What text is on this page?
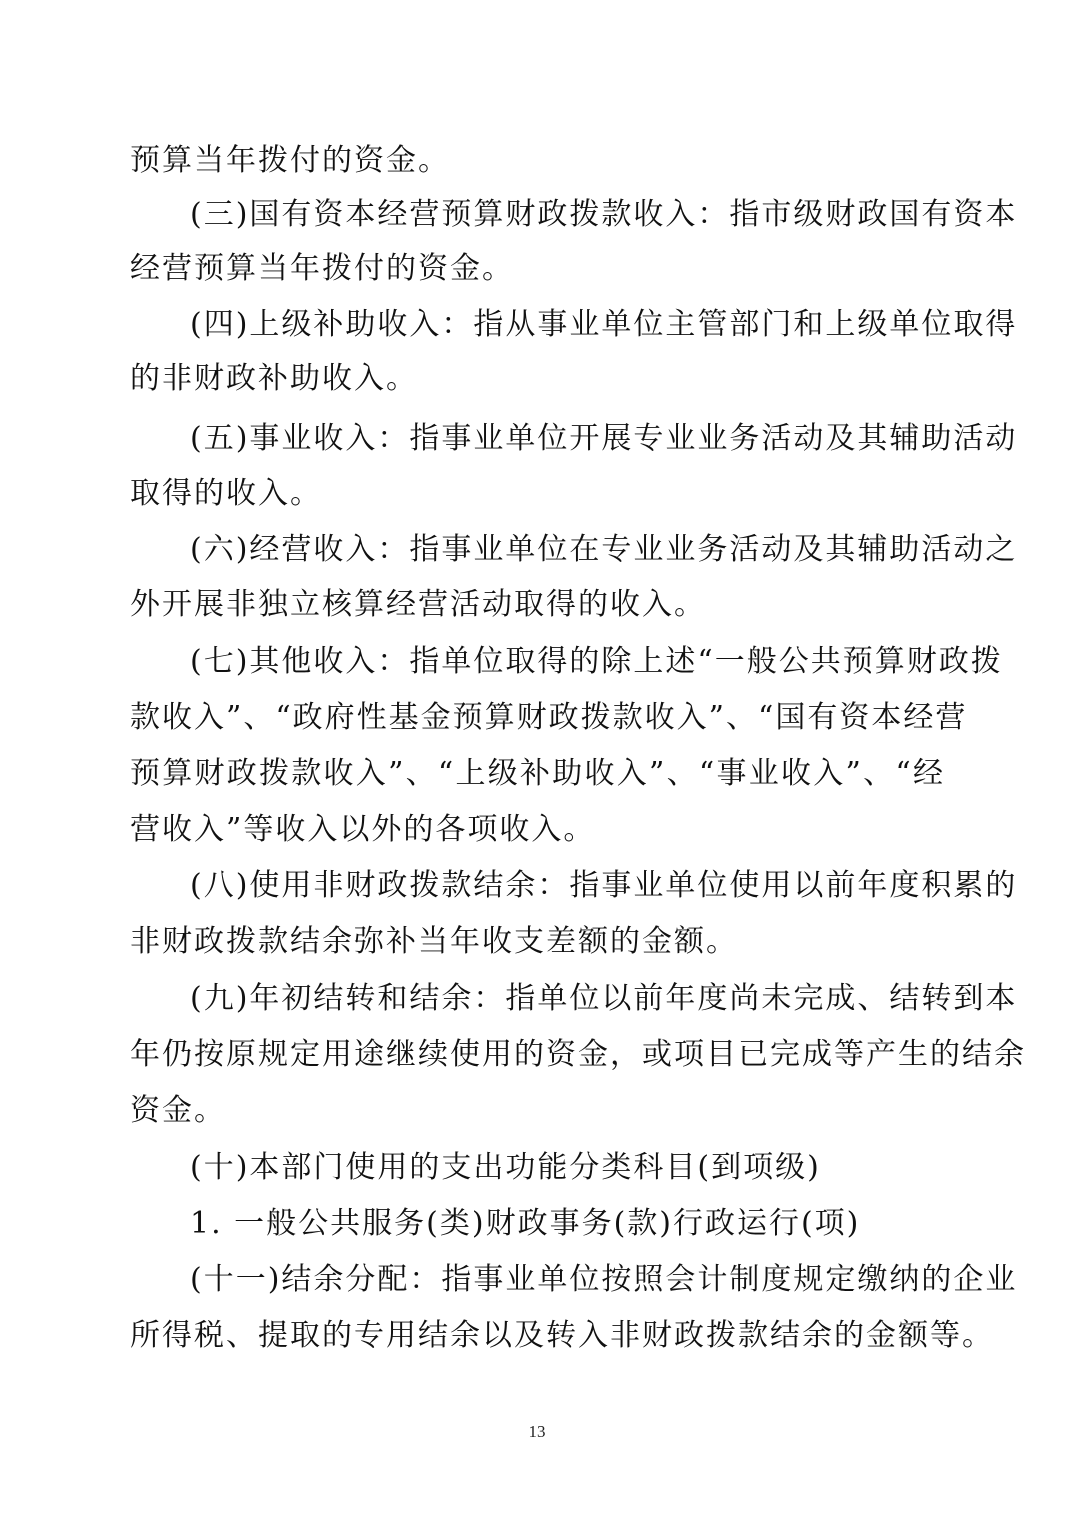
预算当年拨付的资金。
(三)国有资本经营预算财政拨款收入：指市级财政国有资本
经营预算当年拨付的资金。
(四)上级补助收入：指从事业单位主管部门和上级单位取得
的非财政补助收入。
(五)事业收入：指事业单位开展专业业务活动及其辅助活动
取得的收入。
(六)经营收入：指事业单位在专业业务活动及其辅助活动之
外开展非独立核算经营活动取得的收入。
(七)其他收入：指单位取得的除上述“一般公共预算财政拨
款收入”、“政府性基金预算财政拨款收入”、“国有资本经营
预算财政拨款收入”、“上级补助收入”、“事业收入”、“经
营收入”等收入以外的各项收入。
(八)使用非财政拨款结余：指事业单位使用以前年度积累的
非财政拨款结余弥补当年收支差额的金额。
(九)年初结转和结余：指单位以前年度尚未完成、结转到本
年仍按原规定用途继续使用的资金，或项目已完成等产生的结余
资金。
(十)本部门使用的支出功能分类科目(到项级)
1. 一般公共服务(类)财政事务(款)行政运行(项)
(十一)结余分配：指事业单位按照会计制度规定缴纳的企业
所得税、提取的专用结余以及转入非财政拨款结余的金额等。
13
